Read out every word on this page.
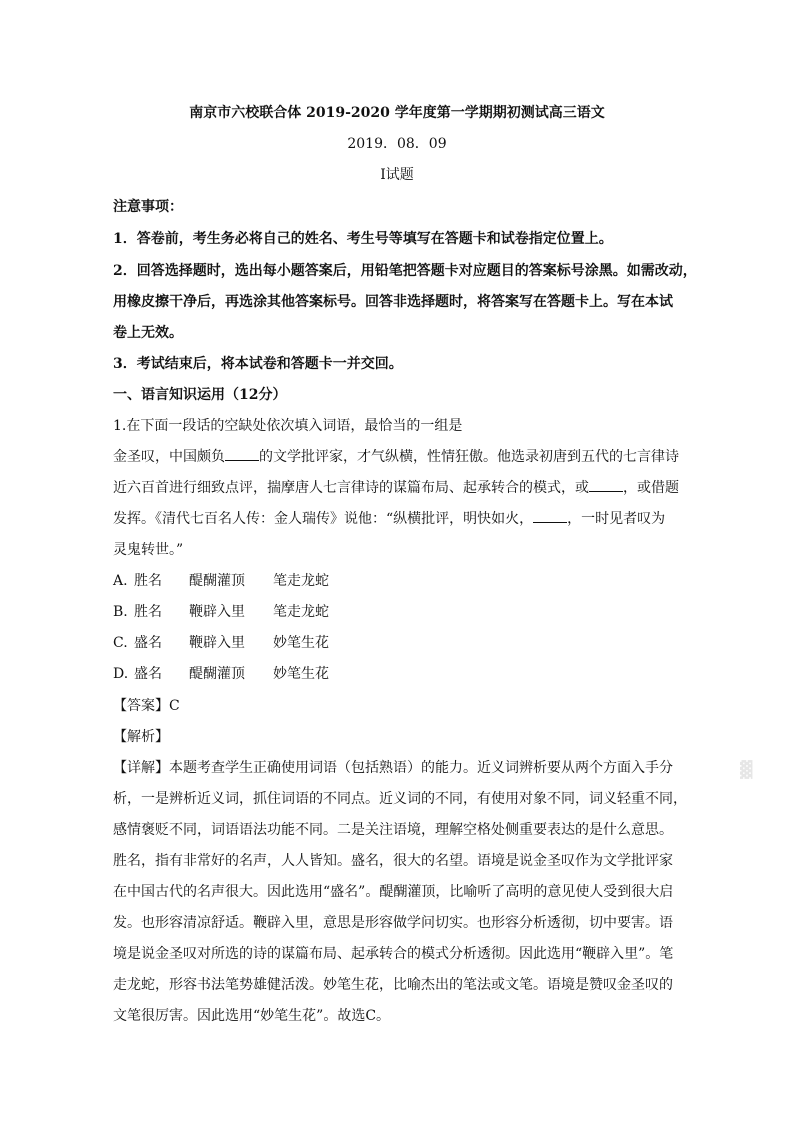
南京市六校联合体 2019-2020 学年度第一学期期初测试高三语文
2019．08．09
Ⅰ试题
注意事项：
1．答卷前，考生务必将自己的姓名、考生号等填写在答题卡和试卷指定位置上。
2．回答选择题时，选出每小题答案后，用铅笔把答题卡对应题目的答案标号涂黑。如需改动，
用橡皮擦干净后，再选涂其他答案标号。回答非选择题时，将答案写在答题卡上。写在本试
卷上无效。
3．考试结束后，将本试卷和答题卡一并交回。
一、语言知识运用（12分）
1.在下面一段话的空缺处依次填入词语，最恰当的一组是
金圣叹，中国颇负 的文学批评家，才气纵横，性情狂傲。他选录初唐到五代的七言律诗
近六百首进行细致点评，揣摩唐人七言律诗的谋篇布局、起承转合的模式，或 ，或借题
发挥。《清代七百名人传：金人瑞传》说他：“纵横批评，明快如火， ，一时见者叹为
灵鬼转世。”
A. 胜名 醍醐灌顶 笔走龙蛇
B. 胜名 鞭辟入里 笔走龙蛇
C. 盛名 鞭辟入里 妙笔生花
D. 盛名 醍醐灌顶 妙笔生花
【答案】C
【解析】
【详解】本题考查学生正确使用词语（包括熟语）的能力。近义词辨析要从两个方面入手分
析，一是辨析近义词，抓住词语的不同点。近义词的不同，有使用对象不同，词义轻重不同，
感情褒贬不同，词语语法功能不同。二是关注语境，理解空格处侧重要表达的是什么意思。
胜名，指有非常好的名声，人人皆知。盛名，很大的名望。语境是说金圣叹作为文学批评家
在中国古代的名声很大。因此选用“盛名”。醍醐灌顶，比喻听了高明的意见使人受到很大启
发。也形容清凉舒适。鞭辟入里，意思是形容做学问切实。也形容分析透彻，切中要害。语
境是说金圣叹对所选的诗的谋篇布局、起承转合的模式分析透彻。因此选用“鞭辟入里”。笔
走龙蛇，形容书法笔势雄健活泼。妙笔生花，比喻杰出的笔法或文笔。语境是赞叹金圣叹的
文笔很厉害。因此选用“妙笔生花”。故选C。
▓
